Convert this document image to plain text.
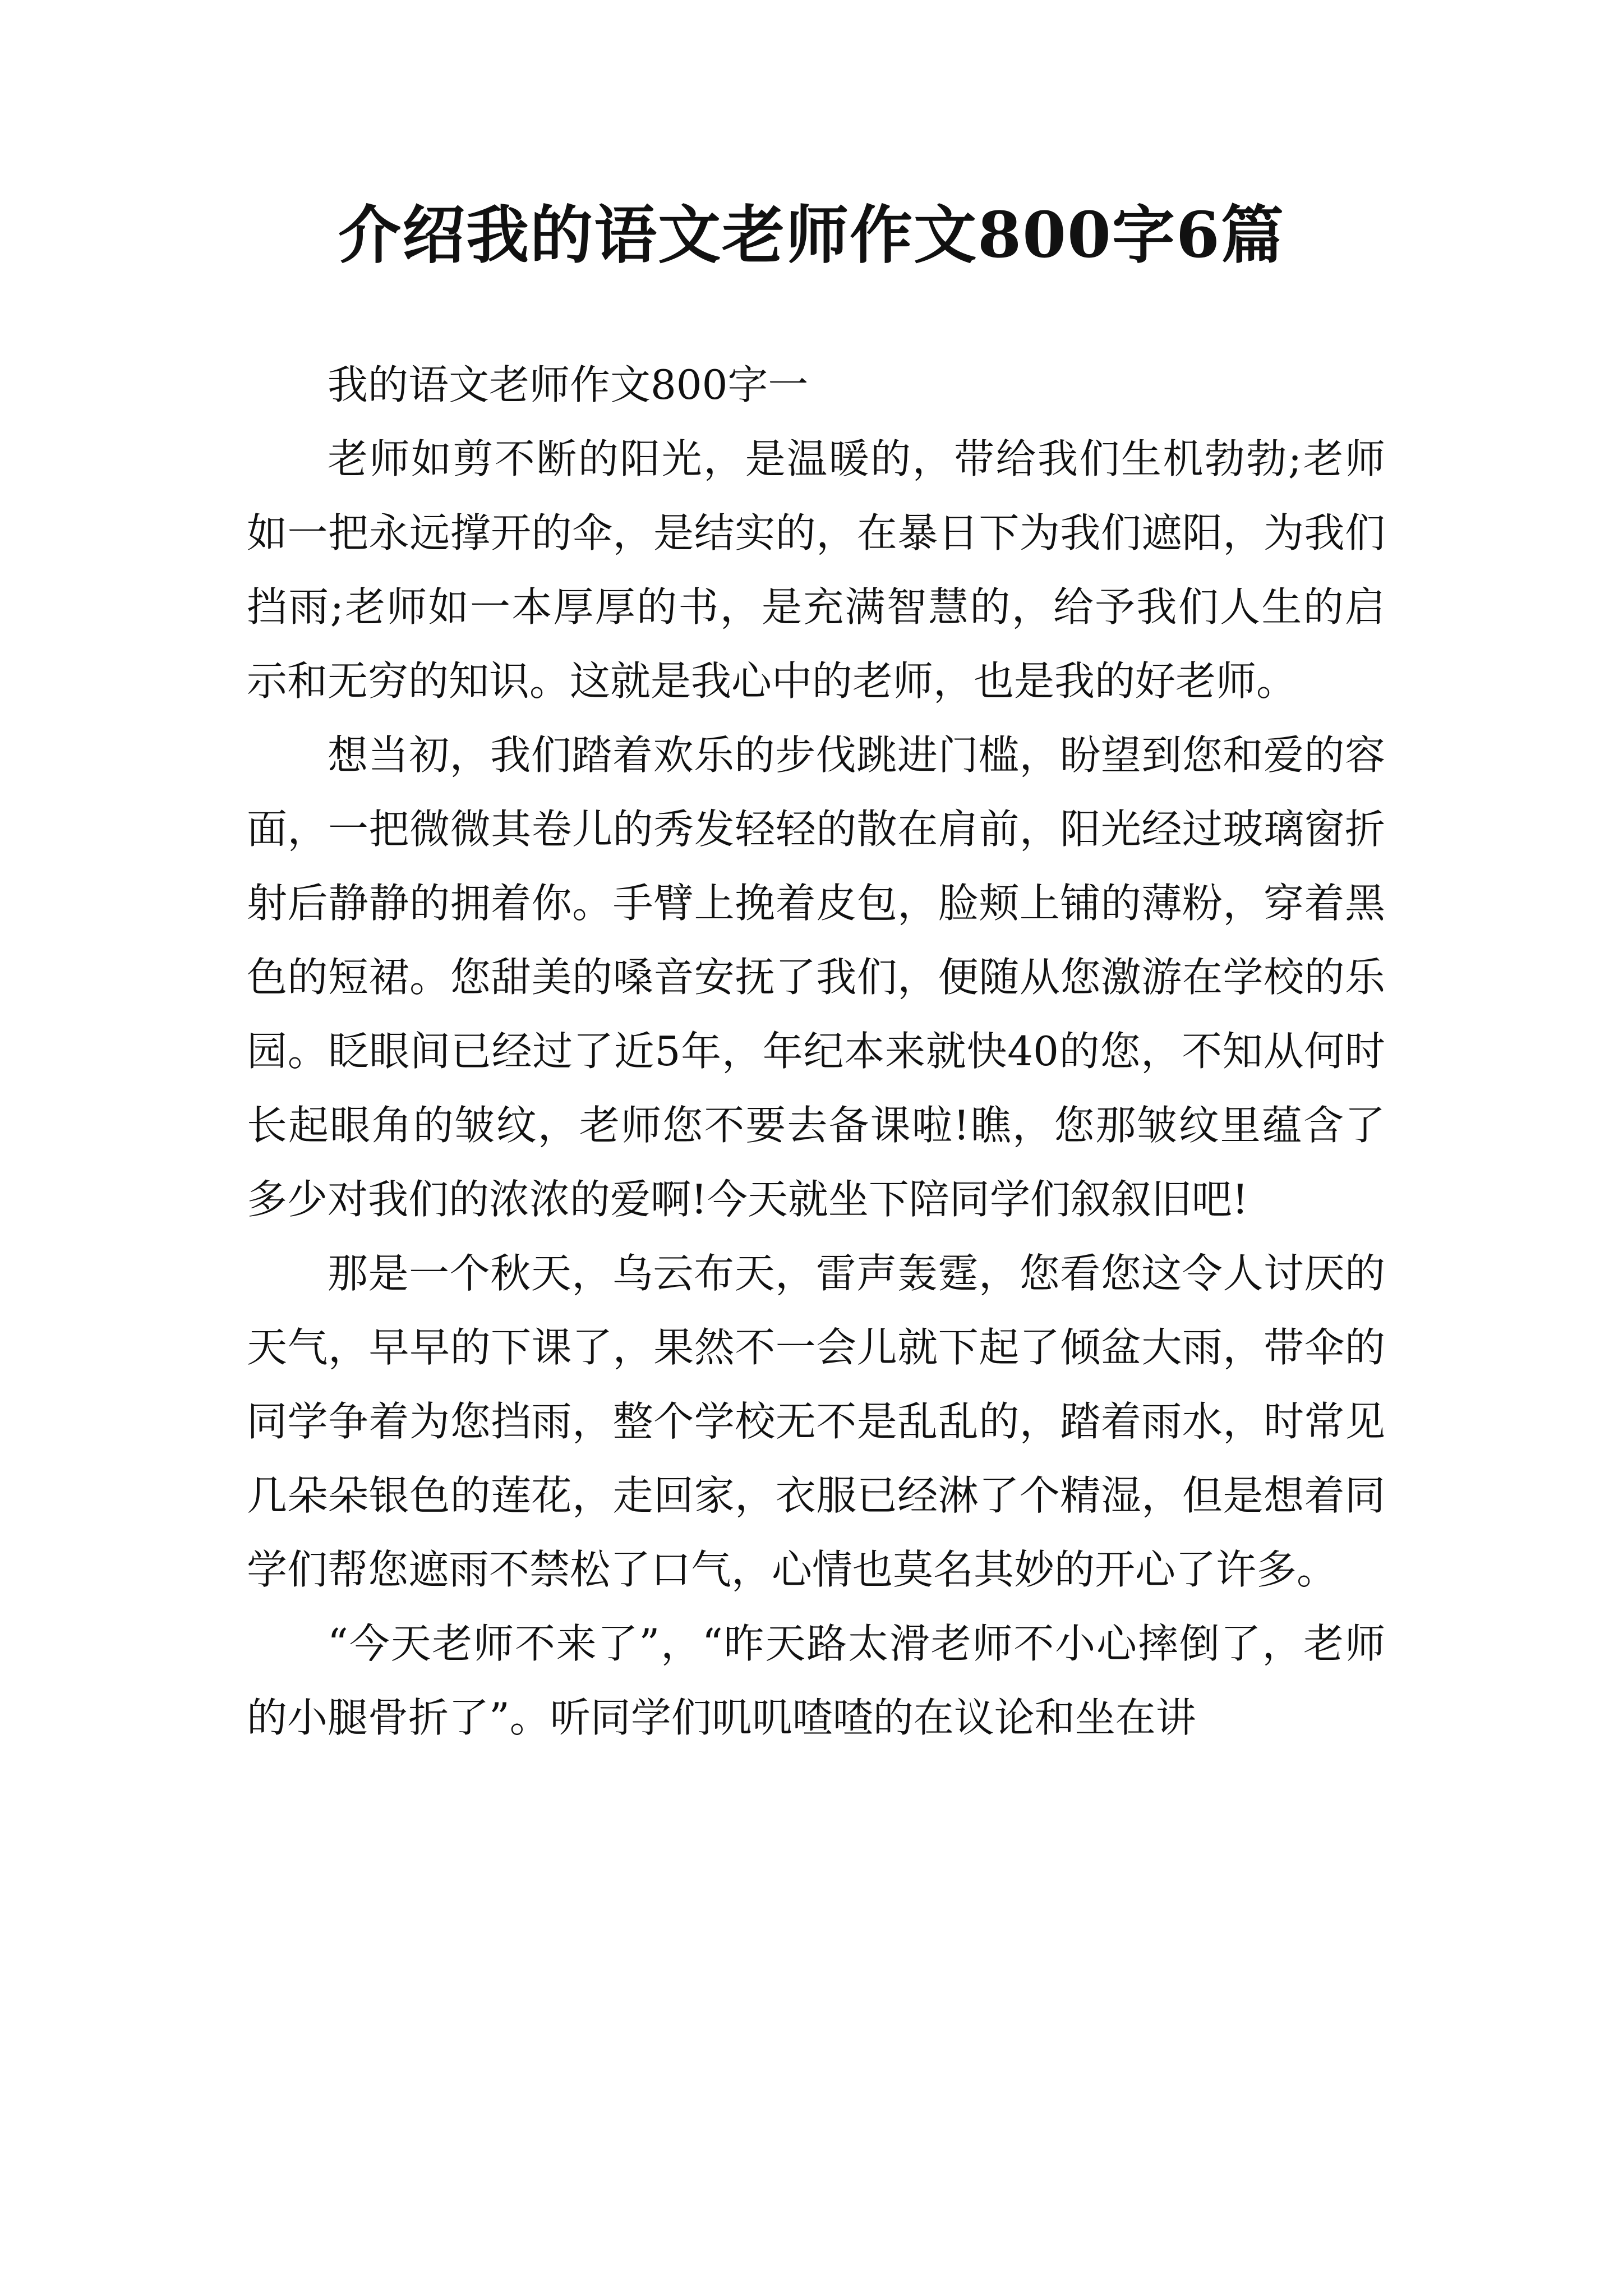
介绍我的语文老师作文800字6篇

我的语文老师作文800字一

老师如剪不断的阳光，是温暖的，带给我们生机勃勃;老师如一把永远撑开的伞，是结实的，在暴日下为我们遮阳，为我们挡雨;老师如一本厚厚的书，是充满智慧的，给予我们人生的启示和无穷的知识。这就是我心中的老师，也是我的好老师。

想当初，我们踏着欢乐的步伐跳进门槛，盼望到您和爱的容面，一把微微其卷儿的秀发轻轻的散在肩前，阳光经过玻璃窗折射后静静的拥着你。手臂上挽着皮包，脸颊上铺的薄粉，穿着黑色的短裙。您甜美的嗓音安抚了我们，便随从您激游在学校的乐园。眨眼间已经过了近5年，年纪本来就快40的您，不知从何时长起眼角的皱纹，老师您不要去备课啦!瞧，您那皱纹里蕴含了多少对我们的浓浓的爱啊!今天就坐下陪同学们叙叙旧吧!

那是一个秋天，乌云布天，雷声轰霆，您看您这令人讨厌的天气，早早的下课了，果然不一会儿就下起了倾盆大雨，带伞的同学争着为您挡雨，整个学校无不是乱乱的，踏着雨水，时常见几朵朵银色的莲花，走回家，衣服已经淋了个精湿，但是想着同学们帮您遮雨不禁松了口气，心情也莫名其妙的开心了许多。

“今天老师不来了”，“昨天路太滑老师不小心摔倒了，老师的小腿骨折了”。听同学们叽叽喳喳的在议论和坐在讲
